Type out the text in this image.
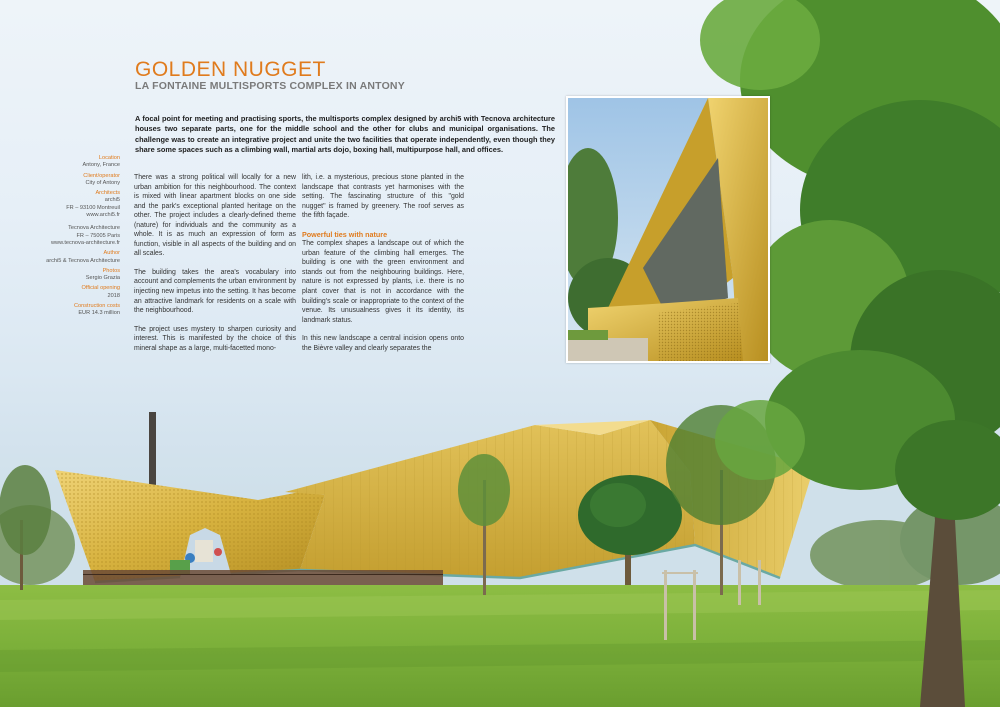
GOLDEN NUGGET
LA FONTAINE MULTISPORTS COMPLEX IN ANTONY

A focal point for meeting and practising sports, the multisports complex designed by archi5 with Tecnova architecture houses two separate parts, one for the middle school and the other for clubs and municipal organisations. The challenge was to create an integrative project and unite the two facilities that operate independently, even though they share some spaces such as a climbing wall, martial arts dojo, boxing hall, multipurpose hall, and offices.

Location
Antony, France
Client/operator
City of Antony
Architects
archi5
FR – 93100 Montreuil
www.archi5.fr
Tecnova Architecture
FR – 75005 Paris
www.tecnova-architecture.fr
Author
archi5 & Tecnova Architecture
Photos
Sergio Grazia
Official opening
2018
Construction costs
EUR 14.3 million

There was a strong political will locally for a new urban ambition for this neighbourhood. The context is mixed with linear apartment blocks on one side and the park's exceptional planted heritage on the other. The project includes a clearly-defined theme (nature) for individuals and the community as a whole. It is as much an expression of form as function, visible in all aspects of the building and on all scales.

The building takes the area's vocabulary into account and complements the urban environment by injecting new impetus into the setting. It has become an attractive landmark for residents on a scale with the neighbourhood.

The project uses mystery to sharpen curiosity and interest. This is manifested by the choice of this mineral shape as a large, multi-facetted mono-

lith, i.e. a mysterious, precious stone planted in the landscape that contrasts yet harmonises with the setting. The fascinating structure of this "gold nugget" is framed by greenery. The roof serves as the fifth façade.

Powerful ties with nature

The complex shapes a landscape out of which the urban feature of the climbing hall emerges. The building is one with the green environment and stands out from the neighbouring buildings. Here, nature is not expressed by plants, i.e. there is no plant cover that is not in accordance with the building's scale or inappropriate to the context of the venue. Its unusualness gives it its identity, its landmark status.

In this new landscape a central incision opens onto the Bièvre valley and clearly separates the
